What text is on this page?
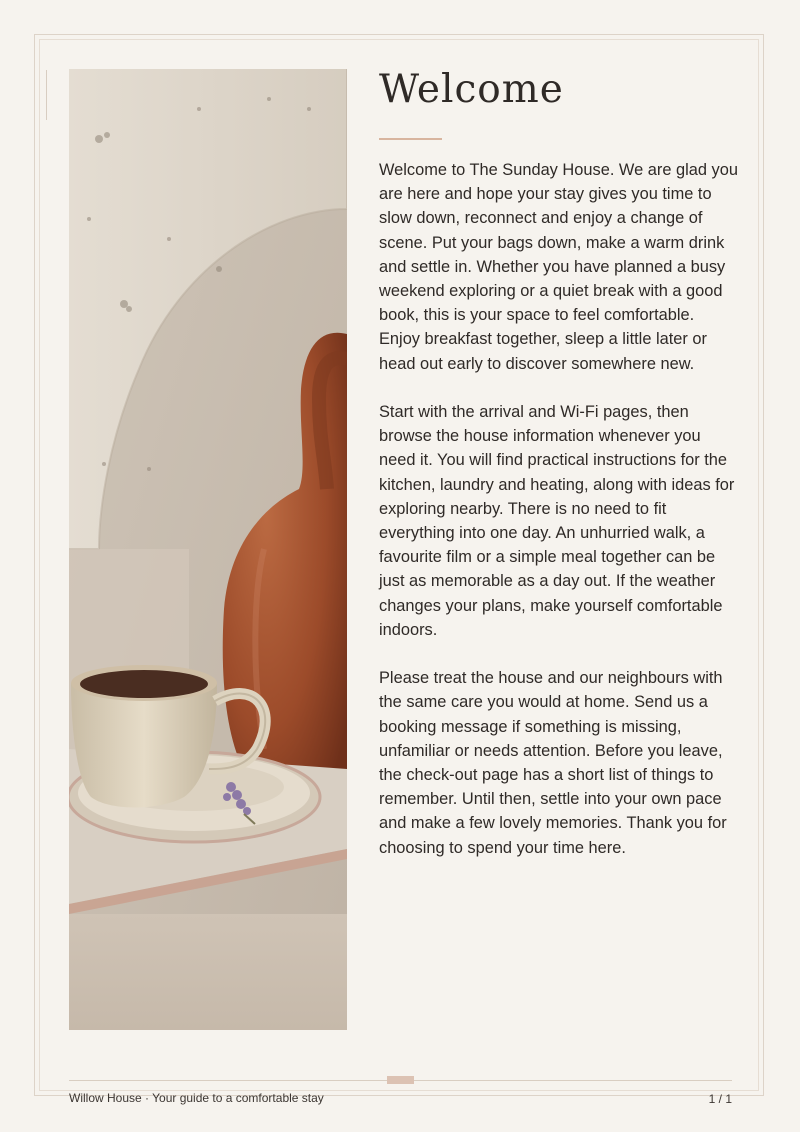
Welcome

Welcome to The Sunday House. We are glad you are here and hope your stay gives you time to slow down, reconnect and enjoy a change of scene. Put your bags down, make a warm drink and settle in. Whether you have planned a busy weekend exploring or a quiet break with a good book, this is your space to feel comfortable. Enjoy breakfast together, sleep a little later or head out early to discover somewhere new.

Start with the arrival and Wi-Fi pages, then browse the house information whenever you need it. You will find practical instructions for the kitchen, laundry and heating, along with ideas for exploring nearby. There is no need to fit everything into one day. An unhurried walk, a favourite film or a simple meal together can be just as memorable as a day out. If the weather changes your plans, make yourself comfortable indoors.

Please treat the house and our neighbours with the same care you would at home. Send us a booking message if something is missing, unfamiliar or needs attention. Before you leave, the check-out page has a short list of things to remember. Until then, settle into your own pace and make a few lovely memories. Thank you for choosing to spend your time here.

Willow House · Your guide to a comfortable stay	1 / 1
